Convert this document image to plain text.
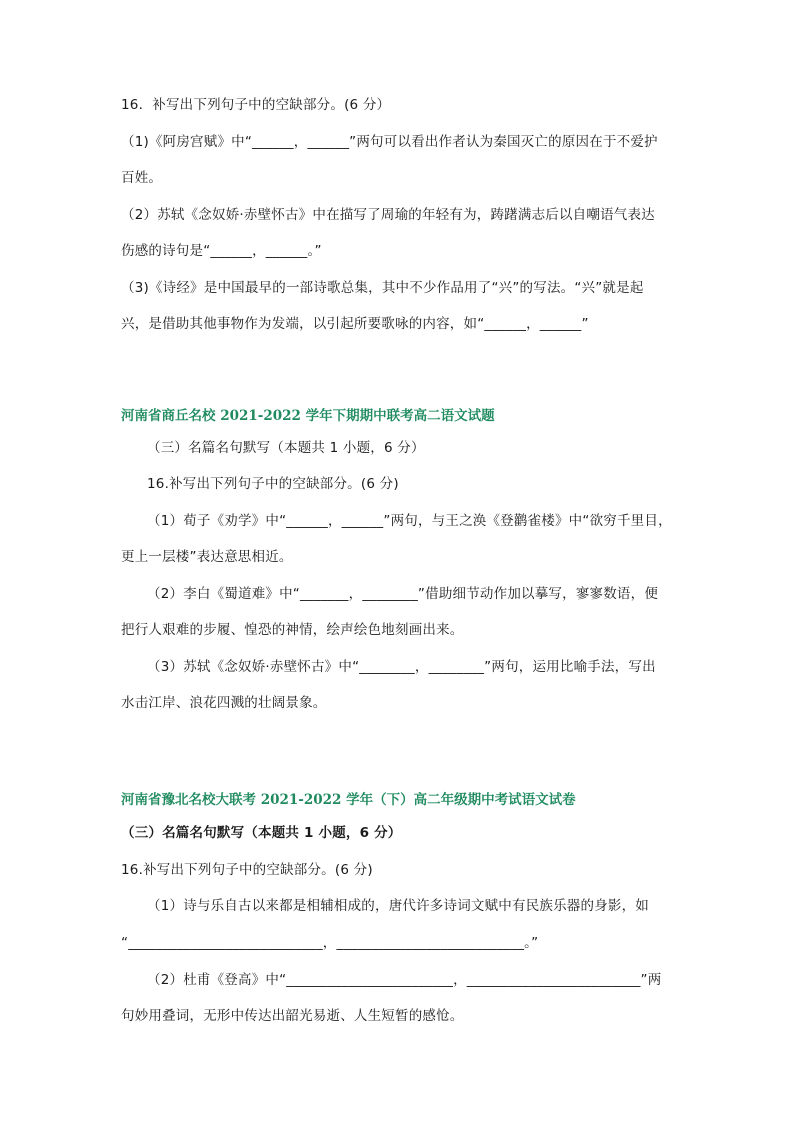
16．补写出下列句子中的空缺部分。(6 分）
（1)《阿房宫赋》中“______，______”两句可以看出作者认为秦国灭亡的原因在于不爱护
百姓。
（2）苏轼《念奴娇·赤壁怀古》中在描写了周瑜的年轻有为，踌躇满志后以自嘲语气表达
伤感的诗句是“______，______。”
（3)《诗经》是中国最早的一部诗歌总集，其中不少作品用了“兴”的写法。“兴”就是起
兴，是借助其他事物作为发端，以引起所要歌咏的内容，如“______，______”
河南省商丘名校 2021-2022 学年下期期中联考高二语文试题
（三）名篇名句默写（本题共 1 小题，6 分）
16.补写出下列句子中的空缺部分。(6 分)
（1）荀子《劝学》中“______，______”两句，与王之涣《登鹳雀楼》中“欲穷千里目，
更上一层楼”表达意思相近。
（2）李白《蜀道难》中“_______，________”借助细节动作加以摹写，寥寥数语，便
把行人艰难的步履、惶恐的神情，绘声绘色地刻画出来。
（3）苏轼《念奴娇·赤壁怀古》中“________，________”两句，运用比喻手法，写出
水击江岸、浪花四溅的壮阔景象。
河南省豫北名校大联考 2021-2022 学年（下）高二年级期中考试语文试卷
（三）名篇名句默写（本题共 1 小题，6 分）
16.补写出下列句子中的空缺部分。(6 分)
（1）诗与乐自古以来都是相辅相成的，唐代许多诗词文赋中有民族乐器的身影，如
“____________________________，___________________________。”
（2）杜甫《登高》中“________________________，_________________________”两
句妙用叠词，无形中传达出韶光易逝、人生短暂的感怆。
